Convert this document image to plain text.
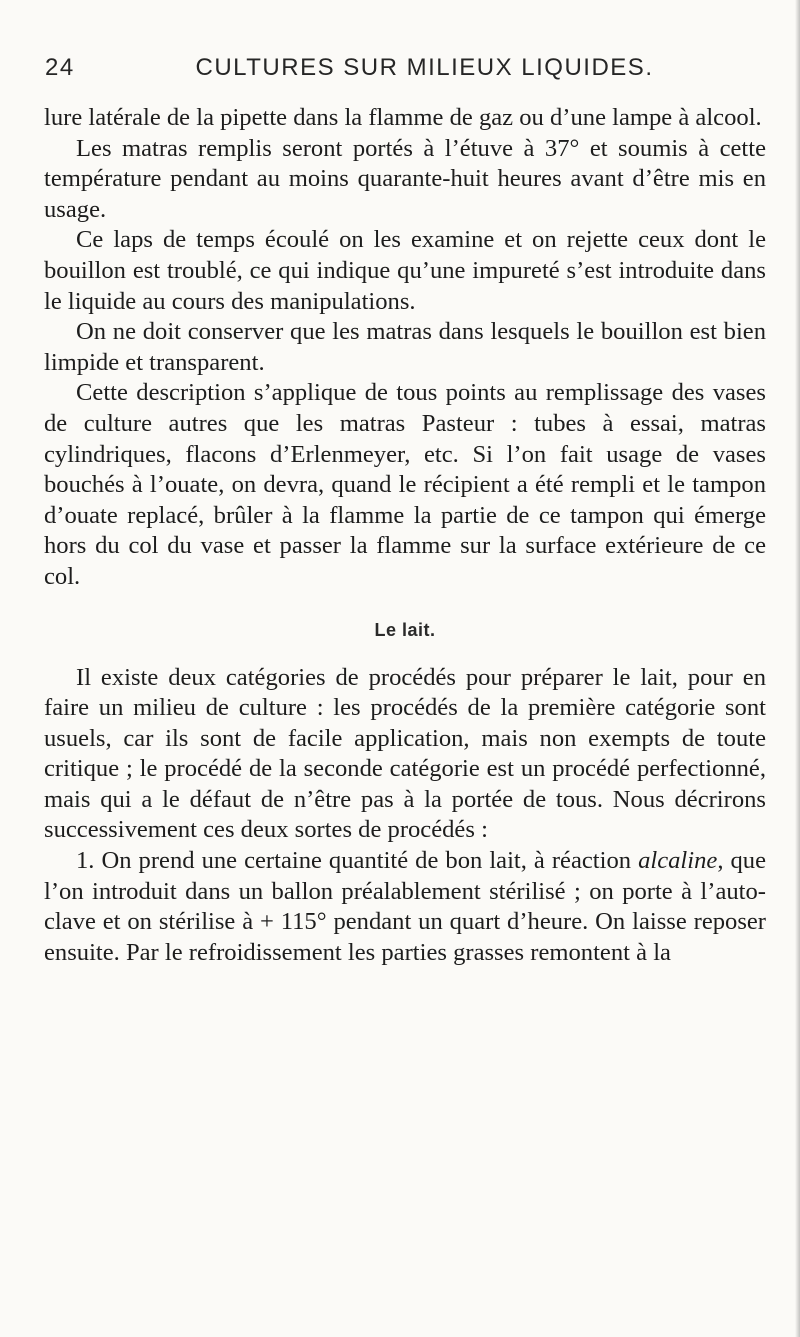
24	CULTURES SUR MILIEUX LIQUIDES.

lure latérale de la pipette dans la flamme de gaz ou d’une lampe à alcool.

Les matras remplis seront portés à l’étuve à 37° et soumis à cette température pendant au moins quarante-huit heures avant d’être mis en usage.

Ce laps de temps écoulé on les examine et on rejette ceux dont le bouillon est troublé, ce qui indique qu’une impureté s’est introduite dans le liquide au cours des manipulations.

On ne doit conserver que les matras dans lesquels le bouillon est bien limpide et transparent.

Cette description s’applique de tous points au remplissage des vases de culture autres que les matras Pasteur : tubes à essai, matras cylindriques, flacons d’Erlenmeyer, etc. Si l’on fait usage de vases bouchés à l’ouate, on devra, quand le récipient a été rempli et le tampon d’ouate replacé, brûler à la flamme la partie de ce tampon qui émerge hors du col du vase et passer la flamme sur la surface extérieure de ce col.

Le lait.

Il existe deux catégories de procédés pour préparer le lait, pour en faire un milieu de culture : les procédés de la première catégorie sont usuels, car ils sont de facile application, mais non exempts de toute critique ; le procédé de la seconde catégorie est un procédé perfectionné, mais qui a le défaut de n’être pas à la portée de tous. Nous décrirons successivement ces deux sortes de procédés :

1. On prend une certaine quantité de bon lait, à réaction alcaline, que l’on introduit dans un ballon préalablement stérilisé ; on porte à l’autoclave et on stérilise à + 115° pendant un quart d’heure. On laisse reposer ensuite. Par le refroidissement les parties grasses remontent à la
